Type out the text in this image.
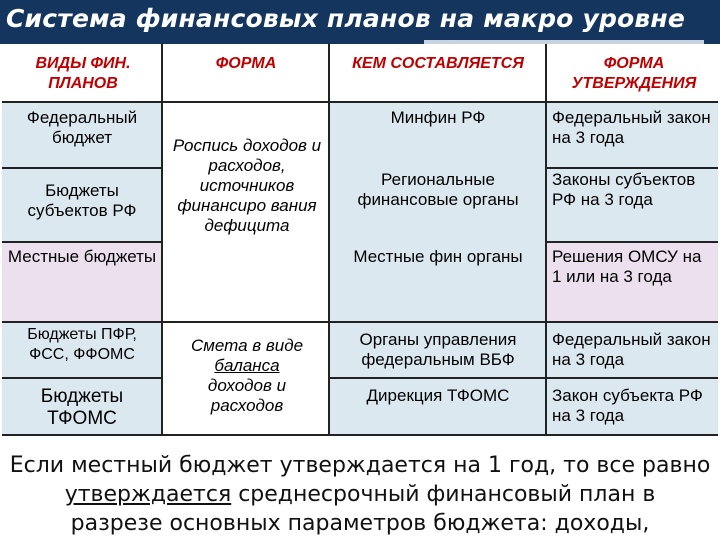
Система финансовых планов на макро уровне
ВИДЫ ФИН. ПЛАНОВ
ФОРМА	КЕМ СОСТАВЛЯЕТСЯ	ФОРМА УТВЕРЖДЕНИЯ
Федеральный бюджет
Бюджеты субъектов РФ
Местные бюджеты
Бюджеты ПФР, ФСС, ФФОМС
Бюджеты ТФОМС
Роспись доходов и расходов, источников финансиро вания дефицита
Смета в виде
баланса
доходов и расходов
Минфин РФ
Региональные финансовые органы
Местные фин органы
Органы управления федеральным ВБФ
Дирекция ТФОМС
Федеральный закон на 3 года
Законы субъектов РФ на 3 года
Решения ОМСУ на 1 или на 3 года
Федеральный закон на 3 года
Закон субъекта РФ на 3 года
Если местный бюджет утверждается на 1 год, то все равно
утверждается среднесрочный финансовый план в
разрезе основных параметров бюджета: доходы,
